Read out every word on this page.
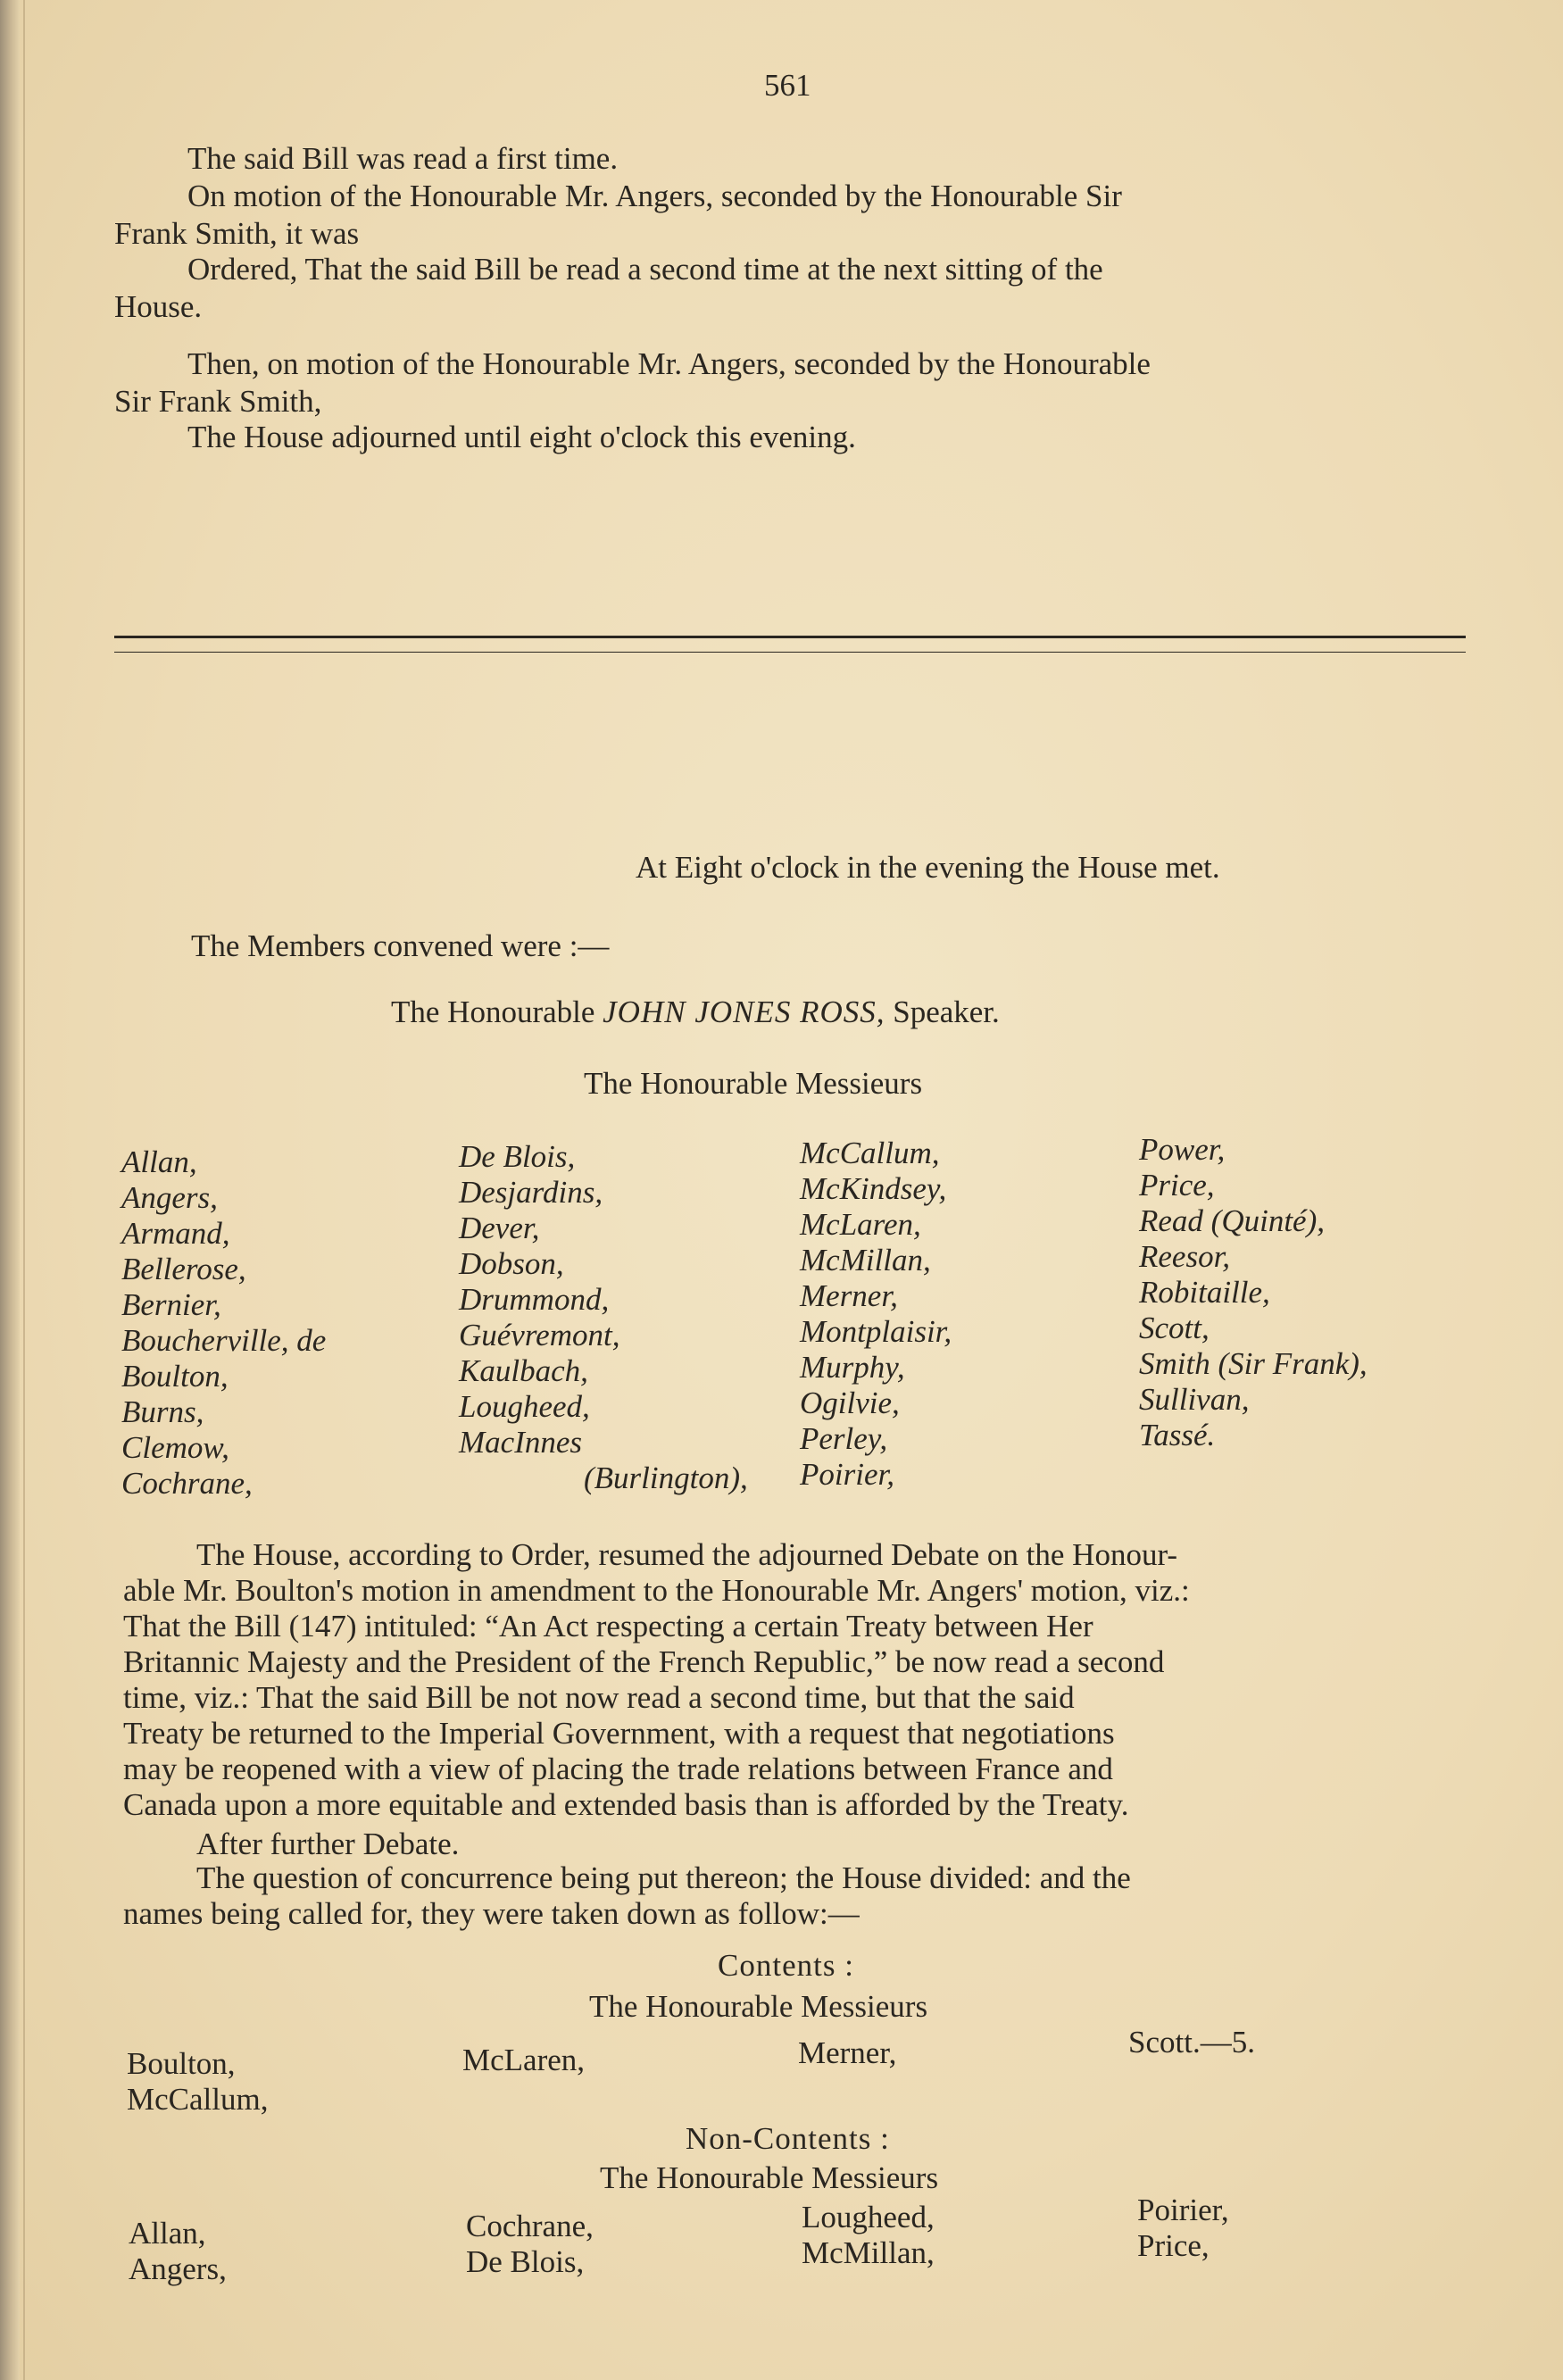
561
The said Bill was read a first time.
On motion of the Honourable Mr. Angers, seconded by the Honourable Sir
Frank Smith, it was
Ordered, That the said Bill be read a second time at the next sitting of the
House.
Then, on motion of the Honourable Mr. Angers, seconded by the Honourable
Sir Frank Smith,
The House adjourned until eight o'clock this evening.
At Eight o'clock in the evening the House met.
The Members convened were :—
The Honourable JOHN JONES ROSS, Speaker.
The Honourable Messieurs
Allan,
Angers,
Armand,
Bellerose,
Bernier,
Boucherville, de
Boulton,
Burns,
Clemow,
Cochrane,
De Blois,
Desjardins,
Dever,
Dobson,
Drummond,
Guévremont,
Kaulbach,
Lougheed,
MacInnes
(Burlington),
McCallum,
McKindsey,
McLaren,
McMillan,
Merner,
Montplaisir,
Murphy,
Ogilvie,
Perley,
Poirier,
Power,
Price,
Read (Quinté),
Reesor,
Robitaille,
Scott,
Smith (Sir Frank),
Sullivan,
Tassé.
The House, according to Order, resumed the adjourned Debate on the Honour-
able Mr. Boulton's motion in amendment to the Honourable Mr. Angers' motion, viz.:
That the Bill (147) intituled: “An Act respecting a certain Treaty between Her
Britannic Majesty and the President of the French Republic,” be now read a second
time, viz.: That the said Bill be not now read a second time, but that the said
Treaty be returned to the Imperial Government, with a request that negotiations
may be reopened with a view of placing the trade relations between France and
Canada upon a more equitable and extended basis than is afforded by the Treaty.
After further Debate.
The question of concurrence being put thereon; the House divided: and the
names being called for, they were taken down as follow:—
Contents :
The Honourable Messieurs
Boulton,
McCallum,
McLaren,	Merner,	Scott.—5.
Non-Contents :
The Honourable Messieurs
Allan,
Angers,
Cochrane,
De Blois,
Lougheed,
McMillan,
Poirier,
Price,
